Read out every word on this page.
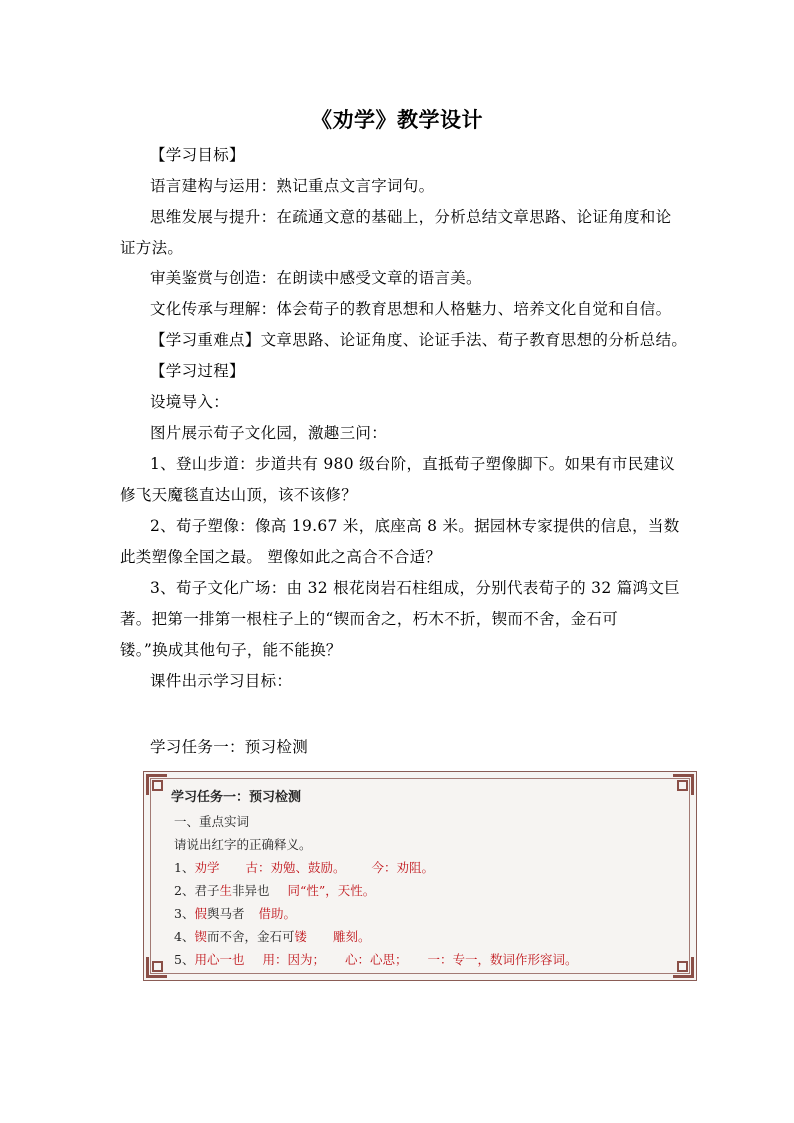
《劝学》教学设计
【学习目标】
语言建构与运用：熟记重点文言字词句。
思维发展与提升：在疏通文意的基础上，分析总结文章思路、论证角度和论
证方法。
审美鉴赏与创造：在朗读中感受文章的语言美。
文化传承与理解：体会荀子的教育思想和人格魅力、培养文化自觉和自信。
【学习重难点】文章思路、论证角度、论证手法、荀子教育思想的分析总结。
【学习过程】
设境导入：
图片展示荀子文化园，激趣三问：
1、登山步道：步道共有 980 级台阶，直抵荀子塑像脚下。如果有市民建议
修飞天魔毯直达山顶，该不该修？
2、荀子塑像：像高 19.67 米，底座高 8 米。据园林专家提供的信息，当数
此类塑像全国之最。 塑像如此之高合不合适？
3、荀子文化广场：由 32 根花岗岩石柱组成，分别代表荀子的 32 篇鸿文巨
著。把第一排第一根柱子上的“锲而舍之，朽木不折，锲而不舍，金石可
镂。”换成其他句子，能不能换？
课件出示学习目标：
学习任务一：预习检测
学习任务一：预习检测
一、重点实词
请说出红字的正确释义。
1、劝学 古：劝勉、鼓励。 今：劝阻。
2、君子生非异也 同“性”，天性。
3、假舆马者 借助。
4、锲而不舍，金石可镂 雕刻。
5、用心一也 用：因为； 心：心思； 一：专一，数词作形容词。
